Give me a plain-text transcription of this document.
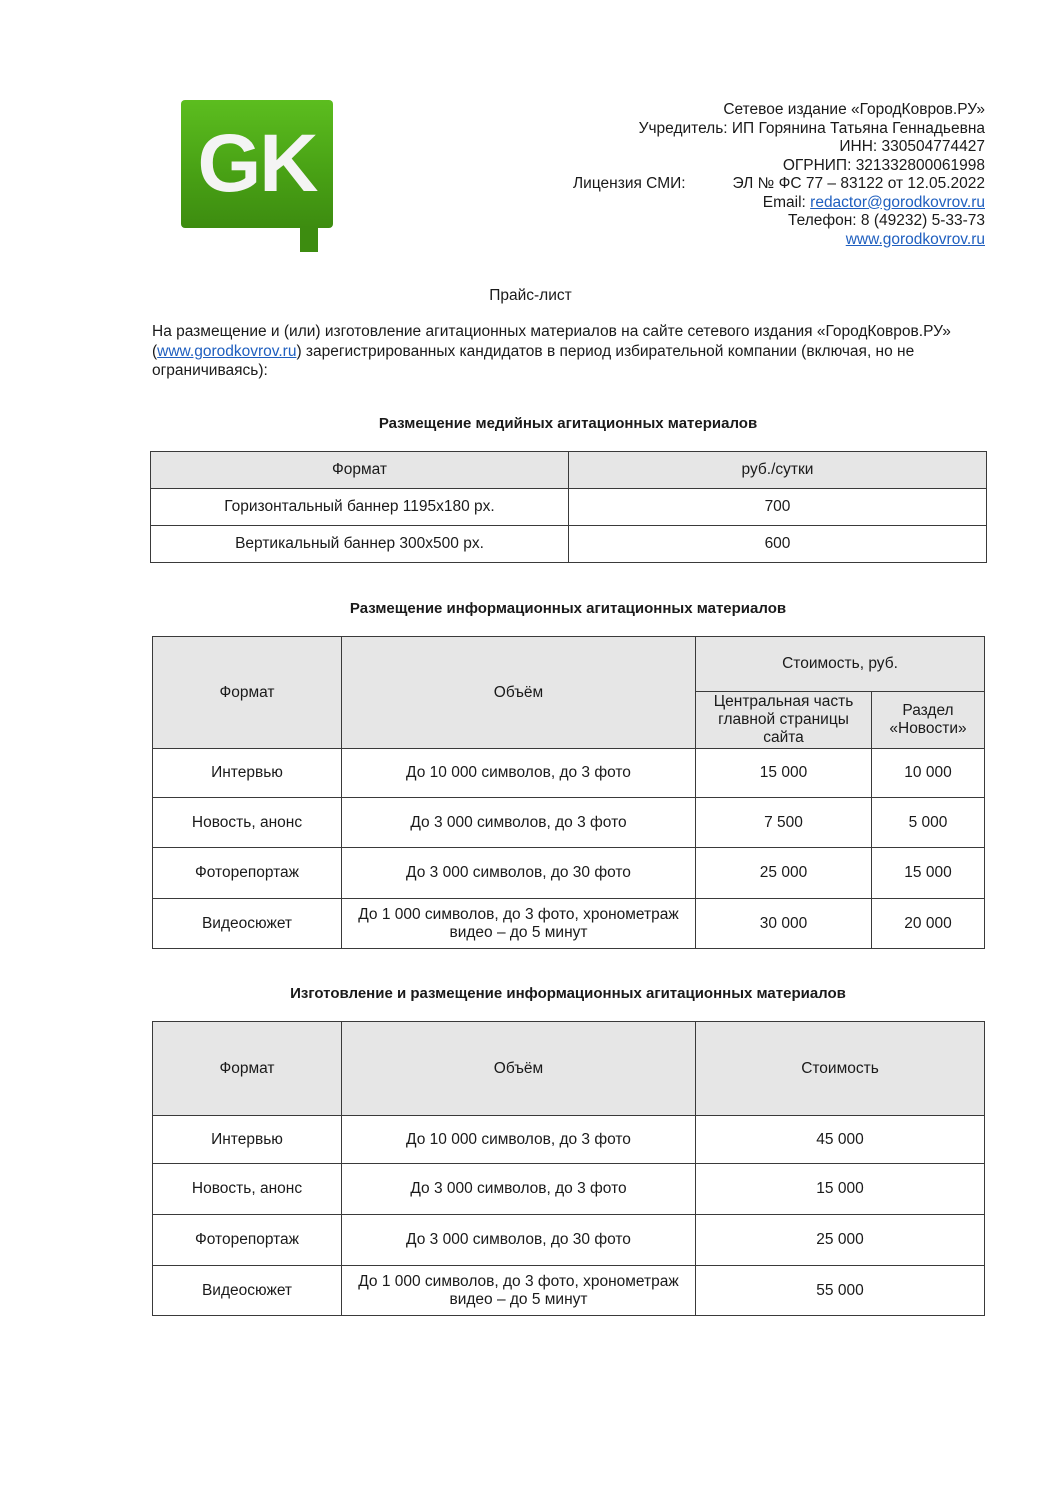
GK
Сетевое издание «ГородКовров.РУ»
Учредитель: ИП Горянина Татьяна Геннадьевна
ИНН: 330504774427
ОГРНИП: 321332800061998
ЭЛ № ФС 77 – 83122 от 12.05.2022
Email: redactor@gorodkovrov.ru
Телефон: 8 (49232) 5-33-73
www.gorodkovrov.ru
Лицензия СМИ:
Прайс-лист
На размещение и (или) изготовление агитационных материалов на сайте сетевого издания «ГородКовров.РУ» (www.gorodkovrov.ru) зарегистрированных кандидатов в период избирательной компании (включая, но не ограничиваясь):
Размещение медийных агитационных материалов
Формат	руб./сутки
Горизонтальный баннер 1195x180 px.	700
Вертикальный баннер 300x500 px.	600
Размещение информационных агитационных материалов
Формат	Объём	Стоимость, руб.	
		Центральная часть главной страницы сайта	Раздел «Новости»
Интервью	До 10 000 символов, до 3 фото	15 000	10 000
Новость, анонс	До 3 000 символов, до 3 фото	7 500	5 000
Фоторепортаж	До 3 000 символов, до 30 фото	25 000	15 000
Видеосюжет	До 1 000 символов, до 3 фото, хронометраж видео – до 5 минут	30 000	20 000
Изготовление и размещение информационных агитационных материалов
Формат	Объём	Стоимость
Интервью	До 10 000 символов, до 3 фото	45 000
Новость, анонс	До 3 000 символов, до 3 фото	15 000
Фоторепортаж	До 3 000 символов, до 30 фото	25 000
Видеосюжет	До 1 000 символов, до 3 фото, хронометраж видео – до 5 минут	55 000
